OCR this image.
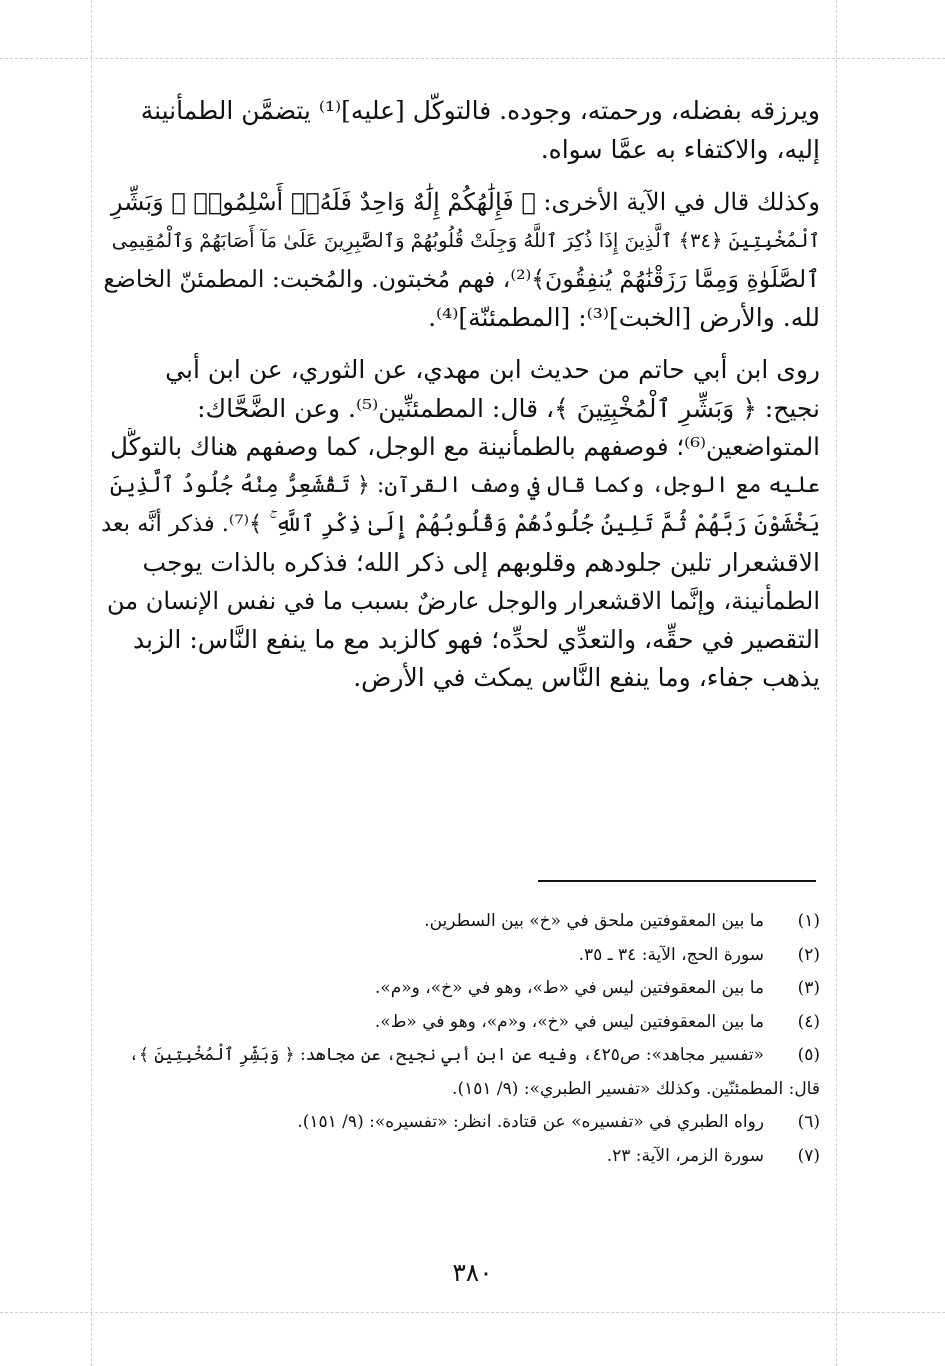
ويرزقه بفضله، ورحمته، وجوده. فالتوكُّل [عليه]⁽¹⁾ يتضمَّن الطمأنينة
إليه، والاكتفاء به عمَّا سواه.

وكذلك قال في الآية الأخرى: ﴿ فَإِلَٰهُكُمْ إِلَٰهٌ وَاحِدٌ فَلَهُۥٓ أَسْلِمُوا۟ ۗ وَبَشِّرِ
ٱلْمُخْبِتِينَ ﴿٣٤﴾ ٱلَّذِينَ إِذَا ذُكِرَ ٱللَّهُ وَجِلَتْ قُلُوبُهُمْ وَٱلصَّٰبِرِينَ عَلَىٰ مَآ أَصَابَهُمْ وَٱلْمُقِيمِى
ٱلصَّلَوٰةِ وَمِمَّا رَزَقْنَٰهُمْ يُنفِقُونَ﴾⁽²⁾، فهم مُخبتون. والمُخبت: المطمئنّ الخاضع
لله. والأرض [الخبت]⁽³⁾: [المطمئنّة]⁽⁴⁾.

روى ابن أبي حاتم من حديث ابن مهدي، عن الثوري، عن ابن أبي
نجيح: ﴿ وَبَشِّرِ ٱلْمُخْبِتِينَ ﴾، قال: المطمئنِّين⁽⁵⁾. وعن الضَّحَّاك:
المتواضعين⁽⁶⁾؛ فوصفهم بالطمأنينة مع الوجل، كما وصفهم هناك بالتوكُّل
عليه مع الوجل، وكما قال في وصف القرآن: ﴿ تَقْشَعِرُّ مِنْهُ جُلُودُ ٱلَّذِينَ
يَخْشَوْنَ رَبَّهُمْ ثُمَّ تَلِينُ جُلُودُهُمْ وَقُلُوبُهُمْ إِلَىٰ ذِكْرِ ٱللَّهِ ۚ ﴾⁽⁷⁾. فذكر أنَّه بعد
الاقشعرار تلين جلودهم وقلوبهم إلى ذكر الله؛ فذكره بالذات يوجب
الطمأنينة، وإنَّما الاقشعرار والوجل عارضٌ بسبب ما في نفس الإنسان من
التقصير في حقِّه، والتعدِّي لحدِّه؛ فهو كالزبد مع ما ينفع النَّاس: الزبد
يذهب جفاء، وما ينفع النَّاس يمكث في الأرض.

(١)
ما بين المعقوفتين ملحق في «خ» بين السطرين.
(٢)
سورة الحج، الآية: ٣٤ ـ ٣٥.
(٣)
ما بين المعقوفتين ليس في «ط»، وهو في «خ»، و«م».
(٤)
ما بين المعقوفتين ليس في «خ»، و«م»، وهو في «ط».
(٥)
«تفسير مجاهد»: ص٤٢٥، وفيه عن ابن أبي نجيح، عن مجاهد: ﴿ وَبَشِّرِ ٱلْمُخْبِتِينَ ﴾،
قال: المطمئنّين. وكذلك «تفسير الطبري»: (٩/ ١٥١).
(٦)
رواه الطبري في «تفسيره» عن قتادة. انظر: «تفسيره»: (٩/ ١٥١).
(٧)
سورة الزمر، الآية: ٢٣.
٣٨٠
